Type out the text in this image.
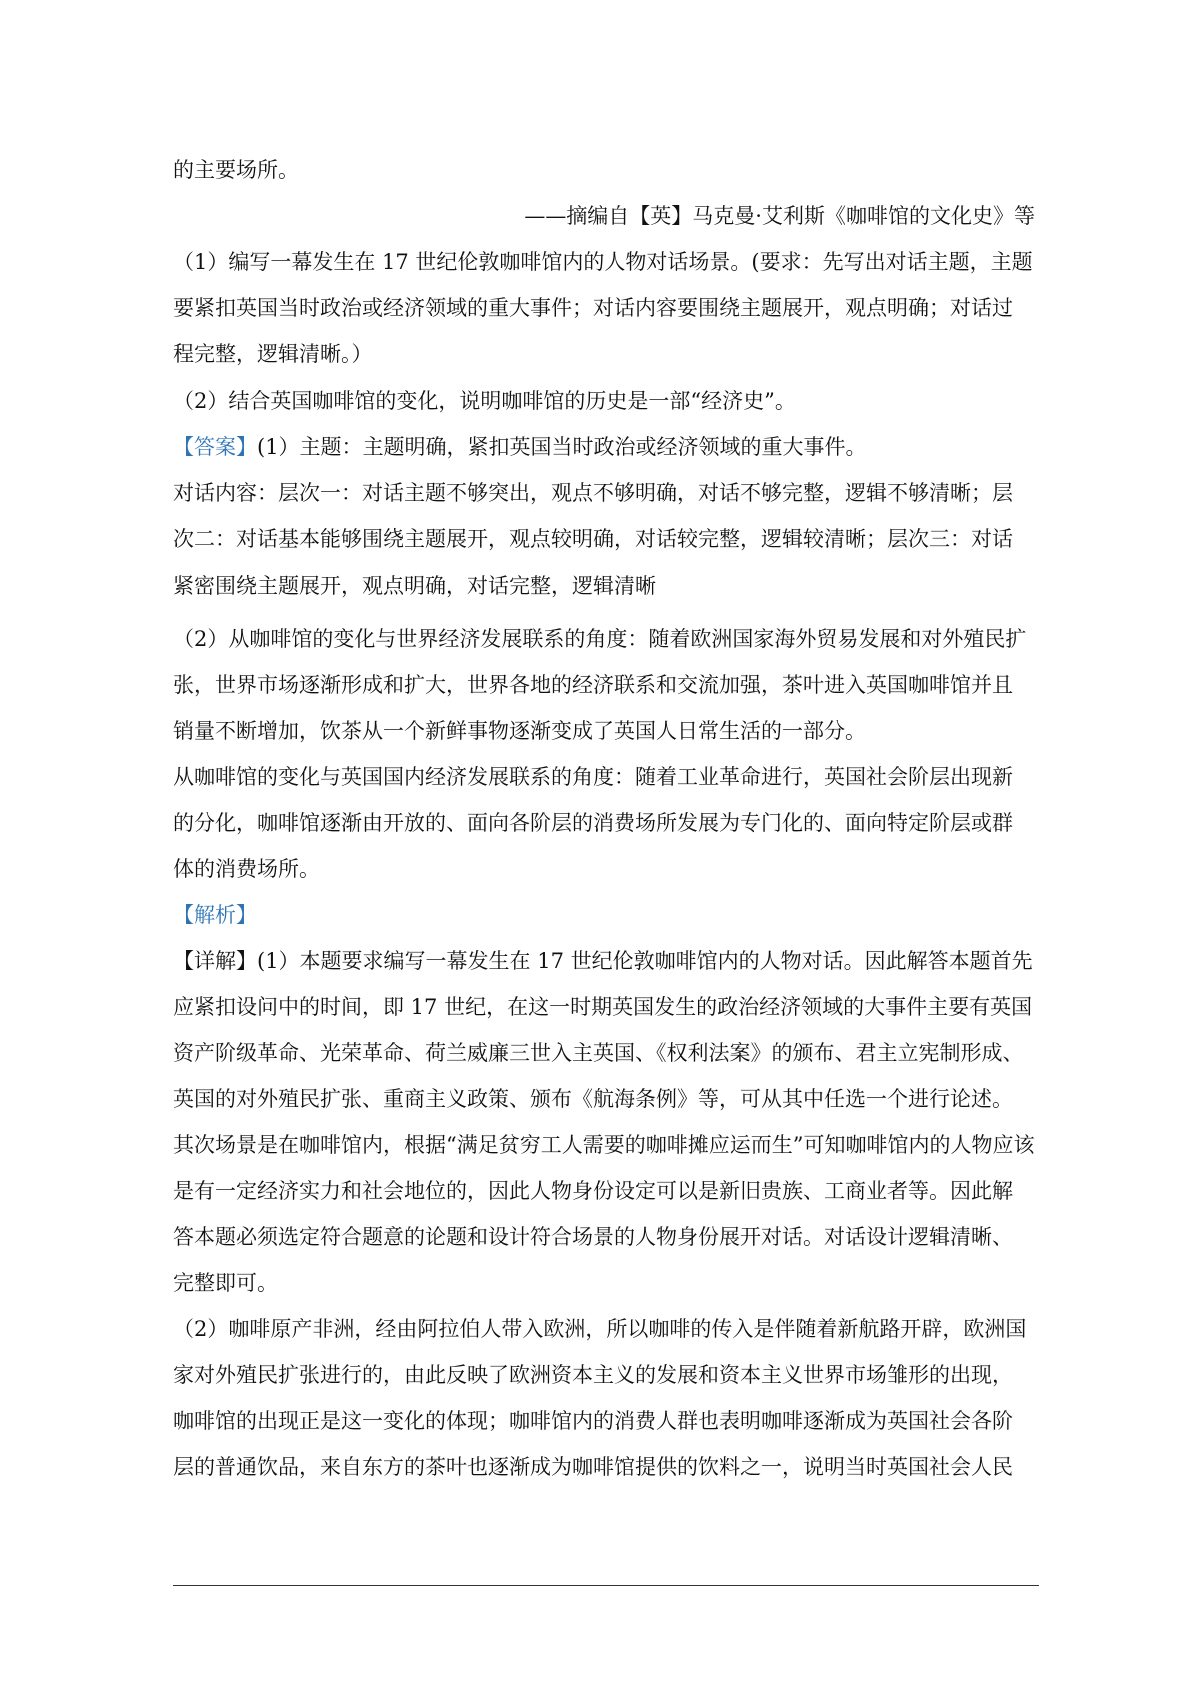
的主要场所。
——摘编自【英】马克曼·艾利斯《咖啡馆的文化史》等
（1）编写一幕发生在 17 世纪伦敦咖啡馆内的人物对话场景。(要求：先写出对话主题，主题
要紧扣英国当时政治或经济领域的重大事件；对话内容要围绕主题展开，观点明确；对话过
程完整，逻辑清晰。）
（2）结合英国咖啡馆的变化，说明咖啡馆的历史是一部“经济史”。
【答案】(1）主题：主题明确，紧扣英国当时政治或经济领域的重大事件。
对话内容：层次一：对话主题不够突出，观点不够明确，对话不够完整，逻辑不够清晰；层
次二：对话基本能够围绕主题展开，观点较明确，对话较完整，逻辑较清晰；层次三：对话
紧密围绕主题展开，观点明确，对话完整，逻辑清晰
（2）从咖啡馆的变化与世界经济发展联系的角度：随着欧洲国家海外贸易发展和对外殖民扩
张，世界市场逐渐形成和扩大，世界各地的经济联系和交流加强，茶叶进入英国咖啡馆并且
销量不断增加，饮茶从一个新鲜事物逐渐变成了英国人日常生活的一部分。
从咖啡馆的变化与英国国内经济发展联系的角度：随着工业革命进行，英国社会阶层出现新
的分化，咖啡馆逐渐由开放的、面向各阶层的消费场所发展为专门化的、面向特定阶层或群
体的消费场所。
【解析】
【详解】(1）本题要求编写一幕发生在 17 世纪伦敦咖啡馆内的人物对话。因此解答本题首先
应紧扣设问中的时间，即 17 世纪，在这一时期英国发生的政治经济领域的大事件主要有英国
资产阶级革命、光荣革命、荷兰威廉三世入主英国、《权利法案》的颁布、君主立宪制形成、
英国的对外殖民扩张、重商主义政策、颁布《航海条例》等，可从其中任选一个进行论述。
其次场景是在咖啡馆内，根据“满足贫穷工人需要的咖啡摊应运而生”可知咖啡馆内的人物应该
是有一定经济实力和社会地位的，因此人物身份设定可以是新旧贵族、工商业者等。因此解
答本题必须选定符合题意的论题和设计符合场景的人物身份展开对话。对话设计逻辑清晰、
完整即可。
（2）咖啡原产非洲，经由阿拉伯人带入欧洲，所以咖啡的传入是伴随着新航路开辟，欧洲国
家对外殖民扩张进行的，由此反映了欧洲资本主义的发展和资本主义世界市场雏形的出现，
咖啡馆的出现正是这一变化的体现；咖啡馆内的消费人群也表明咖啡逐渐成为英国社会各阶
层的普通饮品，来自东方的茶叶也逐渐成为咖啡馆提供的饮料之一，说明当时英国社会人民
